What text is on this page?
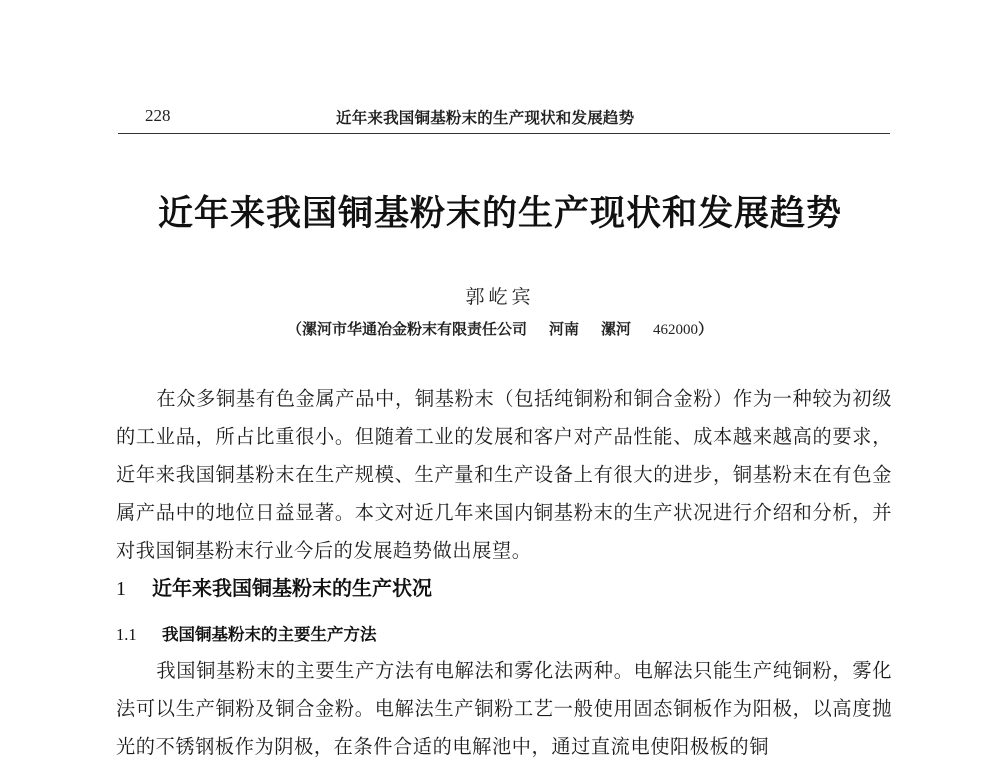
228	近年来我国铜基粉末的生产现状和发展趋势
近年来我国铜基粉末的生产现状和发展趋势
郭屹宾
（漯河市华通冶金粉末有限责任公司 河南 漯河 462000）

在众多铜基有色金属产品中，铜基粉末（包括纯铜粉和铜合金粉）作为一种较为初级的工业品，所占比重很小。但随着工业的发展和客户对产品性能、成本越来越高的要求，近年来我国铜基粉末在生产规模、生产量和生产设备上有很大的进步，铜基粉末在有色金属产品中的地位日益显著。本文对近几年来国内铜基粉末的生产状况进行介绍和分析，并对我国铜基粉末行业今后的发展趋势做出展望。

1 近年来我国铜基粉末的生产状况
1.1 我国铜基粉末的主要生产方法

我国铜基粉末的主要生产方法有电解法和雾化法两种。电解法只能生产纯铜粉，雾化法可以生产铜粉及铜合金粉。电解法生产铜粉工艺一般使用固态铜板作为阳极，以高度抛光的不锈钢板作为阴极，在条件合适的电解池中，通过直流电使阳极板的铜
